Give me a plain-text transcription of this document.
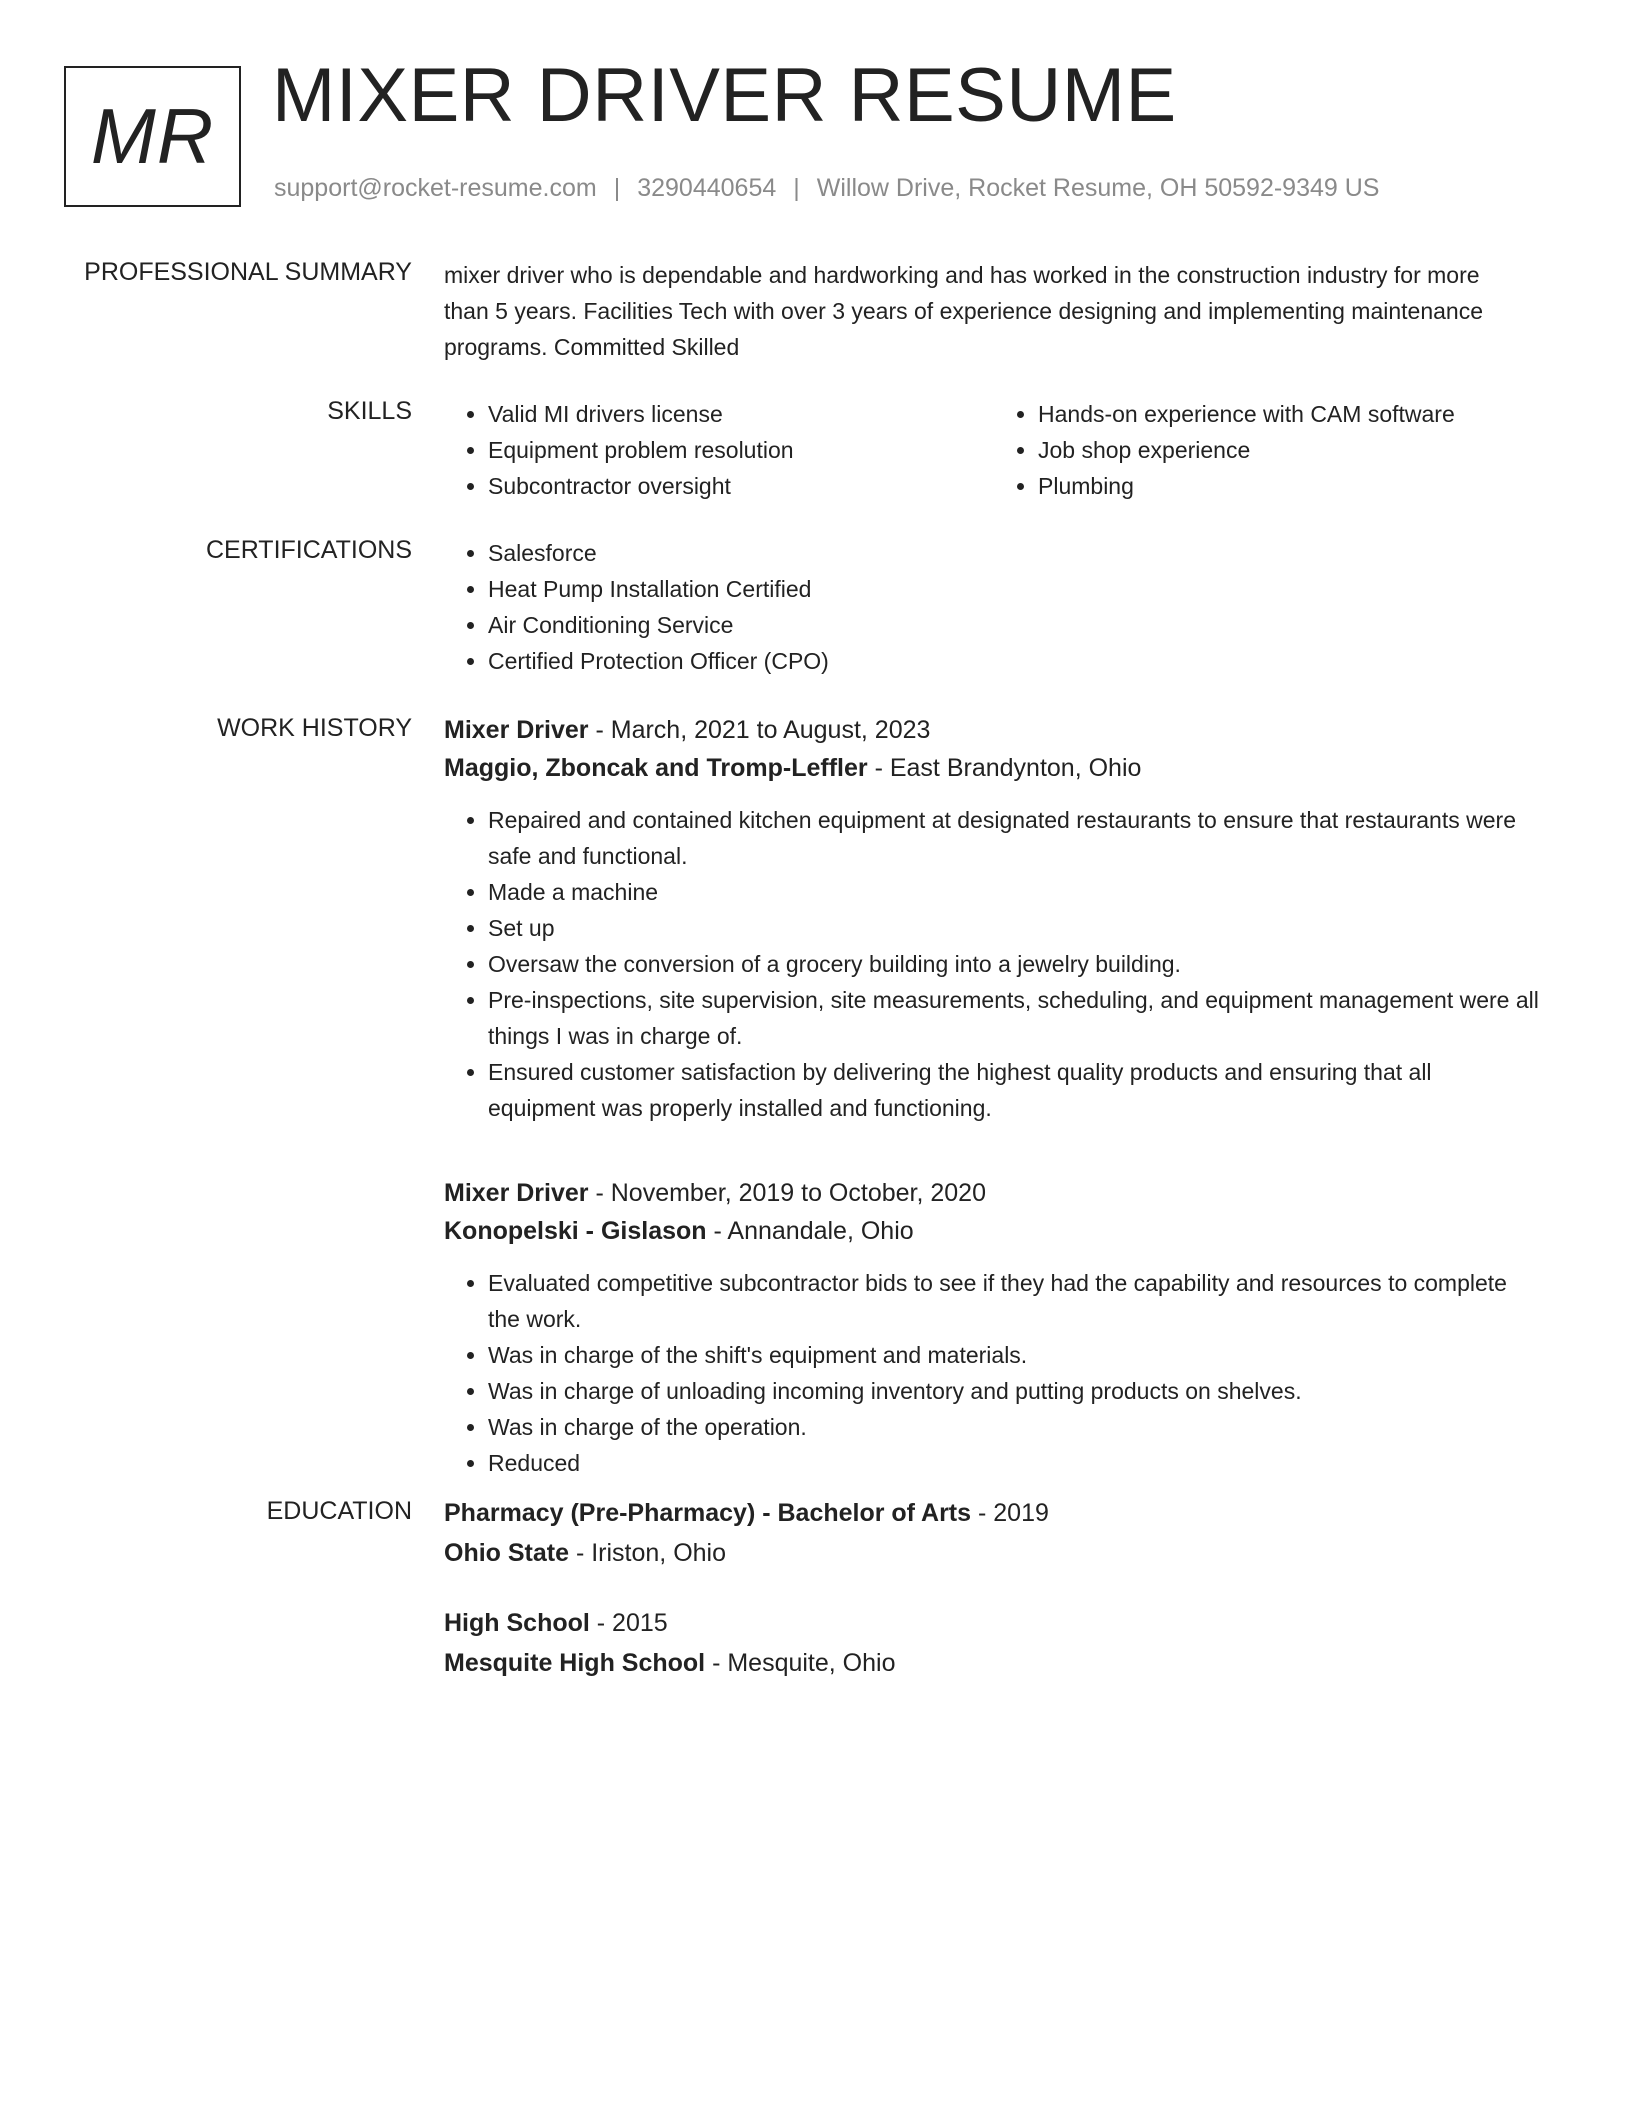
MR MIXER DRIVER RESUME
support@rocket-resume.com | 3290440654 | Willow Drive, Rocket Resume, OH 50592-9349 US
PROFESSIONAL SUMMARY mixer driver who is dependable and hardworking and has worked in the construction industry for more than 5 years. Facilities Tech with over 3 years of experience designing and implementing maintenance programs. Committed Skilled
SKILLS	• Valid MI drivers license
• Equipment problem resolution
• Subcontractor oversight
• Hands-on experience with CAM software
• Job shop experience
• Plumbing
CERTIFICATIONS	• Salesforce
• Heat Pump Installation Certified
• Air Conditioning Service
• Certified Protection Officer (CPO)
WORK HISTORY Mixer Driver - March, 2021 to August, 2023
Maggio, Zboncak and Tromp-Leffler - East Brandynton, Ohio
• Repaired and contained kitchen equipment at designated restaurants to ensure that restaurants were safe and functional.
• Made a machine
• Set up
• Oversaw the conversion of a grocery building into a jewelry building.
• Pre-inspections, site supervision, site measurements, scheduling, and equipment management were all things I was in charge of.
• Ensured customer satisfaction by delivering the highest quality products and ensuring that all equipment was properly installed and functioning.
Mixer Driver - November, 2019 to October, 2020
Konopelski - Gislason - Annandale, Ohio
• Evaluated competitive subcontractor bids to see if they had the capability and resources to complete the work.
• Was in charge of the shift's equipment and materials.
• Was in charge of unloading incoming inventory and putting products on shelves.
• Was in charge of the operation.
• Reduced
EDUCATION Pharmacy (Pre-Pharmacy) - Bachelor of Arts - 2019
Ohio State - Iriston, Ohio
High School - 2015
Mesquite High School - Mesquite, Ohio
